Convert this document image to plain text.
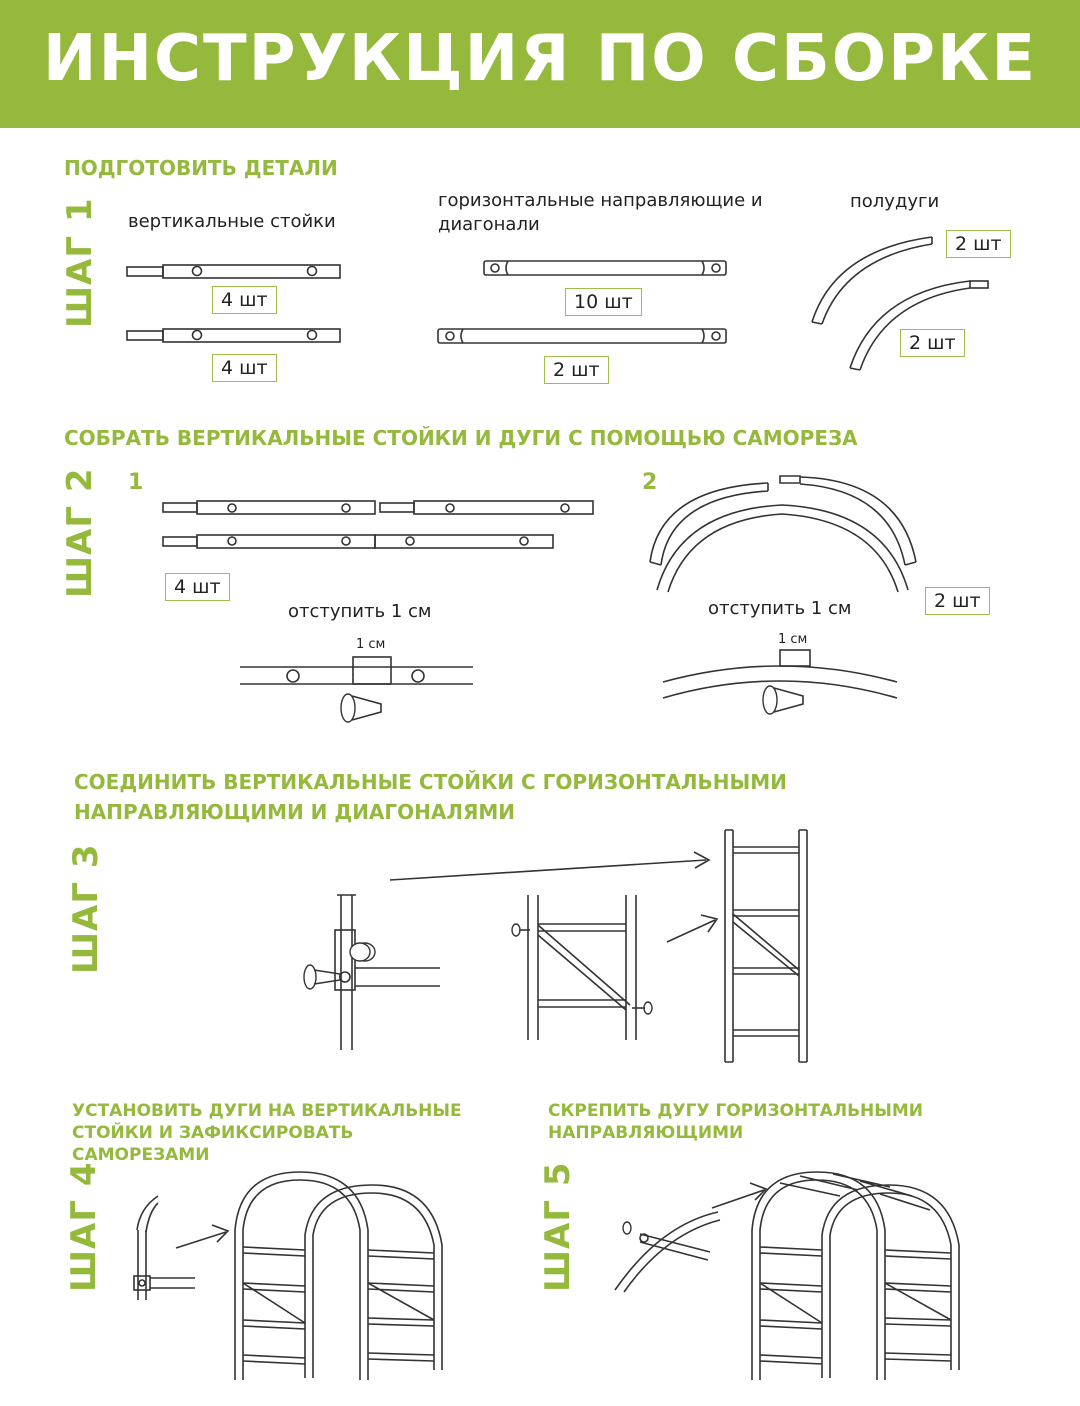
ИНСТРУКЦИЯ ПО СБОРКЕ
ПОДГОТОВИТЬ ДЕТАЛИ
ШАГ 1 вертикальные стойки
горизонтальные направляющие и диагонали
полудуги
4 шт
4 шт
10 шт
2 шт
2 шт
2 шт
СОБРАТЬ ВЕРТИКАЛЬНЫЕ СТОЙКИ И ДУГИ С ПОМОЩЬЮ САМОРЕЗА
ШАГ 2 1	2
4 шт
2 шт
отступить 1 см	отступить 1 см
1 см	1 см
СОЕДИНИТЬ ВЕРТИКАЛЬНЫЕ СТОЙКИ С ГОРИЗОНТАЛЬНЫМИ НАПРАВЛЯЮЩИМИ И ДИАГОНАЛЯМИ
ШАГ 3
УСТАНОВИТЬ ДУГИ НА ВЕРТИКАЛЬНЫЕ СТОЙКИ И ЗАФИКСИРОВАТЬ САМОРЕЗАМИ
СКРЕПИТЬ ДУГУ ГОРИЗОНТАЛЬНЫМИ НАПРАВЛЯЮЩИМИ
ШАГ 4	ШАГ 5
